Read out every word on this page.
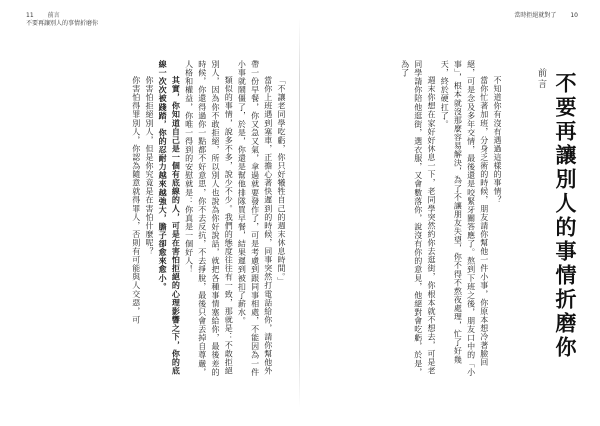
11 前言
不要再讓別人的事情折磨你

「不讓老同學吃虧，你只好犧牲自己的週末休息時間。」

當你上班遇到塞車，正擔心著快遲到的時候，同事突然打電話給你，請你幫他外帶一份早餐，你又急又氣，拿過就要發作了，可是考慮到跟同事相處，不能因為一件小事就鬧僵了，於是，你還是幫他排隊買早餐，結果遲到被扣了薪水。

類似的事情，說多不多，說少不少。我們的態度往往有一致，那就是：不敢拒絕別人，因為你不敢拒絕，所以別人也說為你好說話，就把各種事情塞給你，最後差的時候，你還得過你一點都不好意思，你不去反抗，不去掙脫，最後只會丟掉自尊嚴，人格和權益，你唯一得到的安慰就是：你真是一個好人！

其實，你知道自己是一個有底線的人，可是在害怕拒絕的心理影響之下，你的底線一次次被踐踏，你的忍耐力越來越強大，膽子卻愈來愈小。

你害怕拒絕別人，但是你究竟是在害怕什麼呢？

你害怕得罪別人，你認為隨意就得罪人，否則有可能與人交惡，可

當時拒絕就對了 10
前言 不要再讓別人的事情折磨你

不知道你有沒有遇過這樣的事情？

當你忙著加班，分身乏術的時候，朋友請你幫他一件小事，你原本想冷著臉回絕，可是念及多年交情，最後還是咬緊牙關答應了。熬到下班之後，朋友口中的「小事」，根本就沒那麼容易解決，為了不讓朋友失望，你不得不熬夜處理，忙了好幾天，終於硬扛了。

週末你想在家好好休息一下，老同學突然約你去逛街，你根本就不想去，可是老同學請你陪他逛街，選衣服，又會數落你，說沒有你的意見，他絕對會吃虧，於是，為了
